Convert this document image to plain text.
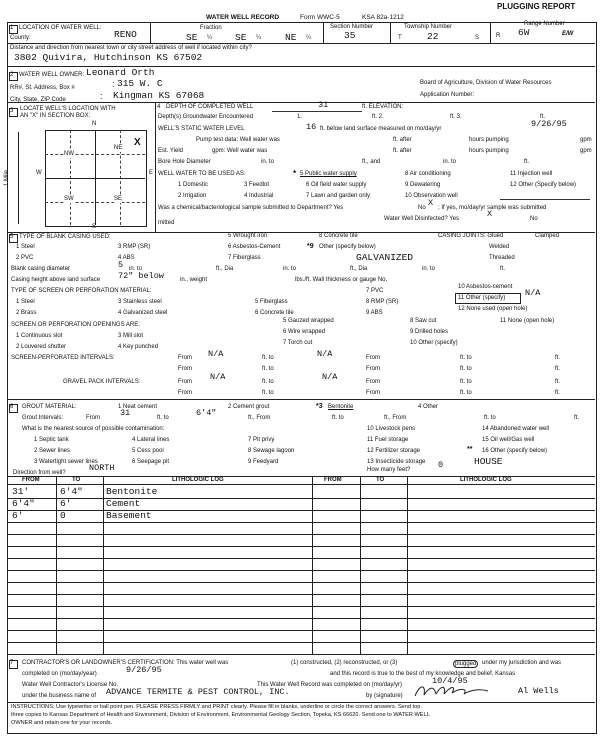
PLUGGING REPORT
WATER WELL RECORD	Form WWC-5	KSA 82a-1212
1 LOCATION OF WATER WELL:
County:	RENO
Fraction
SE ¼ SE ¼	NE ¼
Section Number
35
Township Number
T	22	S
Range Number
R 6W	E/W
Distance and direction from nearest town or city street address of well if located within city?
3802 Quivira, Hutchinson KS 67502
2 WATER WELL OWNER: Leonard Orth
RR#, St. Address, Box #	: 315 W. C
City, State, ZIP Code	: Kingman KS 67068
Board of Agriculture, Division of Water Resources
Application Number:
3 LOCATE WELL'S LOCATION WITH
AN "X" IN SECTION BOX:
N
S
W	E
1 Mile
NW
NE
SW	SE
X
4 DEPTH OF COMPLETED WELL	31	ft. ELEVATION:
Depth(s) Groundwater Encountered	1.	ft. 2.	ft. 3.	ft.
WELL'S STATIC WATER LEVEL	16 ft. below land surface measured on mo/day/yr	9/26/95
Pump test data: Well water was	ft. after	hours pumping	gpm
Est. Yield	gpm: Well water was	ft. after	hours pumping	gpm
Bore Hole Diameter	in. to	ft., and	in. to	ft.
WELL WATER TO BE USED AS:
1 Domestic
2 Irrigation
3 Feedlot
4 Industrial
* 5 Public water supply
6 Oil field water supply
7 Lawn and garden only
8 Air conditioning
9 Dewatering
10 Observation well
11 Injection well
12 Other (Specify below)
Was a chemical/bacteriological sample submitted to Department? Yes	No X ; If yes, mo/day/yr sample was submitted
mitted
Water Well Disinfected? Yes	X	No
5 TYPE OF BLANK CASING USED:
1 Steel
2 PVC
3 RMP (SR)
4 ABS
5 Wrought iron
6 Asbestos-Cement
7 Fiberglass
8 Concrete tile
*9 Other (specify below)
GALVANIZED
CASING JOINTS: Glued	Clamped
Welded
Threaded
Blank casing diameter	5 in. to	ft., Dia	in. to	ft., Dia	in. to	ft.
Casing height above land surface 72" below	in., weight	lbs./ft. Wall thickness or gauge No.
TYPE OF SCREEN OR PERFORATION MATERIAL:
1 Steel
2 Brass
3 Stainless steel
4 Galvanized steel
5 Fiberglass
6 Concrete tile
7 PVC
8 RMP (SR)
9 ABS
10 Asbestos-cement
11 Other (specify) N/A
12 None used (open hole)
SCREEN OR PERFORATION OPENINGS ARE:
1 Continuous slot
2 Louvered shutter
3 Mill slot
4 Key punched
5 Gauzed wrapped
6 Wire wrapped
7 Torch cut
8 Saw cut
9 Drilled holes
10 Other (specify)
11 None (open hole)
SCREEN-PERFORATED INTERVALS:	From N/A	ft. to	N/A	From	ft. to	ft.
From	ft. to	From	ft. to	ft.
GRAVEL PACK INTERVALS:	From N/A	ft. to	N/A	From	ft. to	ft.
From	ft. to	From	ft. to	ft.
6 GROUT MATERIAL:	1 Neat cement	2 Cement grout	*3 Bentonite	4 Other
Grout Intervals:	From 31	ft. to	6'4"	ft., From	ft. to	ft., From	ft. to	ft.
What is the nearest source of possible contamination:
1 Septic tank
2 Sewer lines
3 Watertight sewer lines
4 Lateral lines
5 Cess pool
6 Seepage pit
7 Pit privy
8 Sewage lagoon
9 Feedyard
10 Livestock pens
11 Fuel storage
12 Fertilizer storage
13 Insecticide storage
14 Abandoned water well
15 Oil well/Gas well
** 16 Other (specify below)
HOUSE
Direction from well?	NORTH	How many feet?	0
FROM	TO	LITHOLOGIC LOG	FROM	TO	LITHOLOGIC LOG
31'	6'4" Bentonite
6'4"	6'	Cement
6'	0	Basement
7 CONTRACTOR'S OR LANDOWNER'S CERTIFICATION: This water well was	(1) constructed, (2) reconstructed, or (3)	plugged under my jurisdiction and was
completed on (mo/day/year)	9/26/95	and this record is true to the best of my knowledge and belief. Kansas
Water Well Contractor's License No.	This Water Well Record was completed on (mo/day/yr)	10/4/95
under the business name of ADVANCE TERMITE & PEST CONTROL, INC.	by (signature)	Al Wells
INSTRUCTIONS: Use typewriter or ball point pen. PLEASE PRESS FIRMLY and PRINT clearly. Please fill in blanks, underline or circle the correct answers. Send top
three copies to Kansas Department of Health and Environment, Division of Environment, Environmental Geology Section, Topeka, KS 66620. Send one to WATER WELL
OWNER and retain one for your records.
